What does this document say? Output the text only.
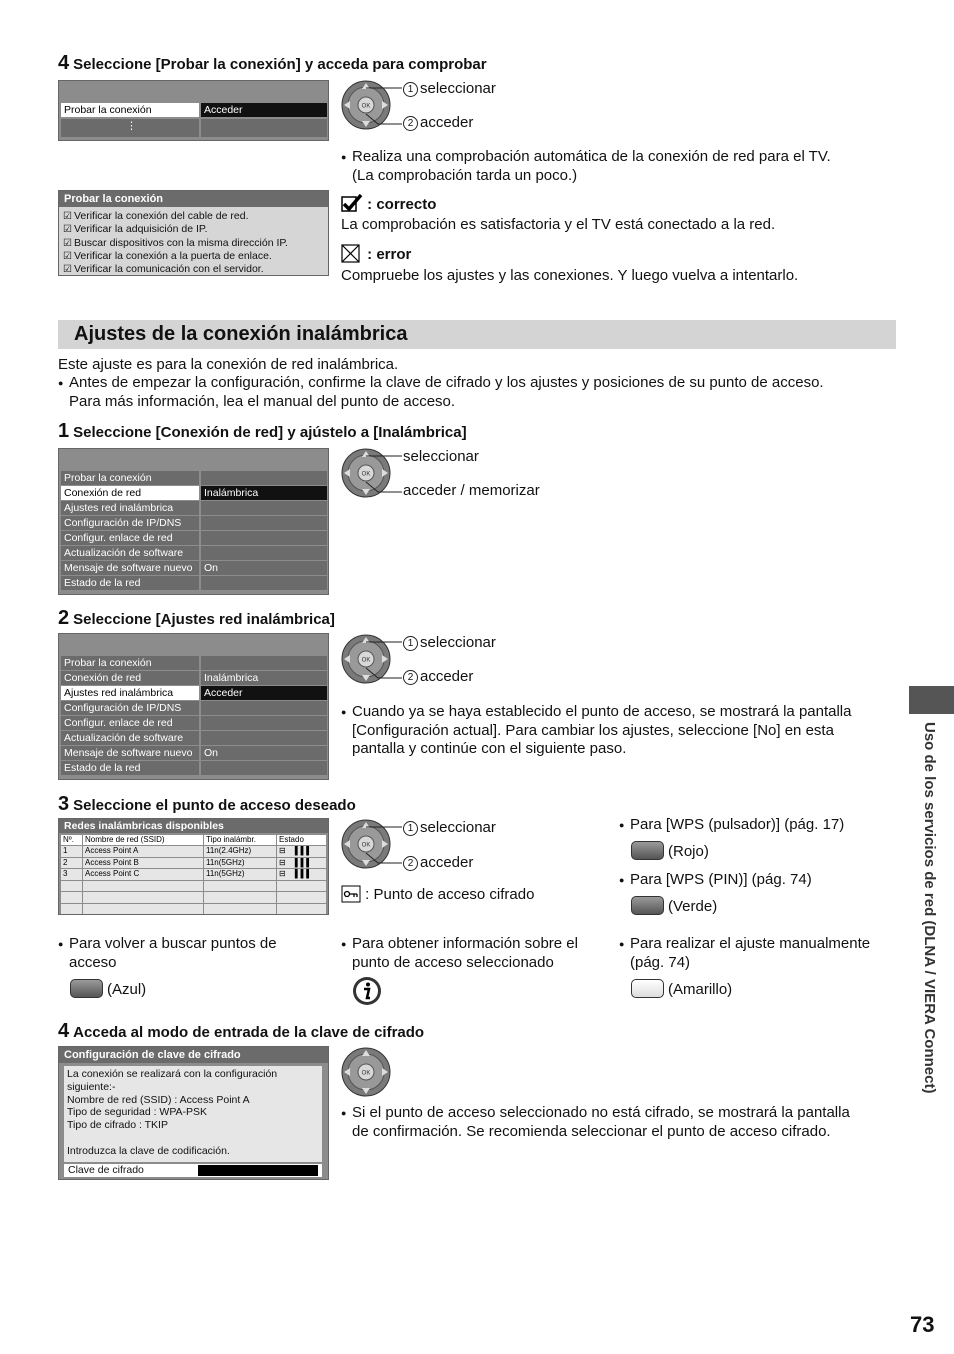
4 Seleccione [Probar la conexión] y acceda para comprobar
Probar la conexión	Acceder
⋮
OK
1 seleccionar
2 acceder
● Realiza una comprobación automática de la conexión de red para el TV.
(La comprobación tarda un poco.)
Probar la conexión
☑ Verificar la conexión del cable de red.
☑ Verificar la adquisición de IP.
☑ Buscar dispositivos con la misma dirección IP.
☑ Verificar la conexión a la puerta de enlace.
☑ Verificar la comunicación con el servidor.
: correcto
La comprobación es satisfactoria y el TV está conectado a la red.
: error
Compruebe los ajustes y las conexiones. Y luego vuelva a intentarlo.
Ajustes de la conexión inalámbrica
Este ajuste es para la conexión de red inalámbrica.
● Antes de empezar la configuración, confirme la clave de cifrado y los ajustes y posiciones de su punto de acceso.
Para más información, lea el manual del punto de acceso.
1 Seleccione [Conexión de red] y ajústelo a [Inalámbrica]
Probar la conexión
Conexión de red	Inalámbrica
Ajustes red inalámbrica
Configuración de IP/DNS
Configur. enlace de red
Actualización de software
Mensaje de software nuevo	On
Estado de la red
OK
seleccionar
acceder / memorizar
2 Seleccione [Ajustes red inalámbrica]
Probar la conexión
Conexión de red	Inalámbrica
Ajustes red inalámbrica	Acceder
Configuración de IP/DNS
Configur. enlace de red
Actualización de software
Mensaje de software nuevo	On
Estado de la red
OK
1 seleccionar
2 acceder
● Cuando ya se haya establecido el punto de acceso, se mostrará la pantalla
[Configuración actual]. Para cambiar los ajustes, seleccione [No] en esta
pantalla y continúe con el siguiente paso.
3 Seleccione el punto de acceso deseado
Redes inalámbricas disponibles
Nº.	Nombre de red (SSID)	Tipo inalámbr.	Estado
1	Access Point A	11n(2.4GHz)	⊟  ▐▐▐
2	Access Point B	11n(5GHz)	⊟  ▐▐▐
3	Access Point C	11n(5GHz)	⊟  ▐▐▐
OK
1 seleccionar
2 acceder
: Punto de acceso cifrado
● Para [WPS (pulsador)] (pág. 17)
(Rojo)
● Para [WPS (PIN)] (pág. 74)
(Verde)
● Para volver a buscar puntos de
acceso
(Azul)
● Para obtener información sobre el
punto de acceso seleccionado
● Para realizar el ajuste manualmente
(pág. 74)
(Amarillo)
4 Acceda al modo de entrada de la clave de cifrado
Configuración de clave de cifrado
La conexión se realizará con la configuración siguiente:-
Nombre de red (SSID) : Access Point A
Tipo de seguridad : WPA-PSK
Tipo de cifrado : TKIP
Introduzca la clave de codificación.
Clave de cifrado
OK
● Si el punto de acceso seleccionado no está cifrado, se mostrará la pantalla
de confirmación. Se recomienda seleccionar el punto de acceso cifrado.
Uso de los servicios de red (DLNA / VIERA Connect)
73
